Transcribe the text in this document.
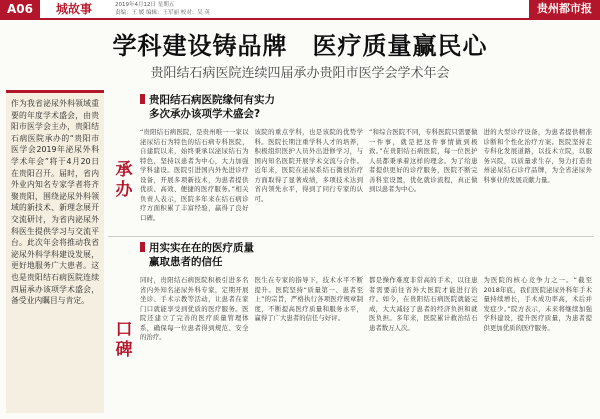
A06	城故事	2019年4月12日 星期五
责编：王 媛 编辑：王军丽 校对：吴 英	贵州都市报
学科建设铸品牌　医疗质量赢民心
贵阳结石病医院连续四届承办贵阳市医学会学术年会
作为我省泌尿外科领域重要的年度学术盛会，由贵阳市医学会主办，贵阳结石病医院承办的“贵阳市医学会2019年泌尿外科学术年会”将于4月20日在贵阳召开。届时，省内外业内知名专家学者将齐聚贵阳，围绕泌尿外科领域的新技术、新理念展开交流研讨，为省内泌尿外科医生提供学习与交流平台。此次年会将推动我省泌尿外科学科建设发展，更好地服务广大患者。这也是贵阳结石病医院连续四届承办该项学术盛会，备受业内瞩目与肯定。
贵阳结石病医院缘何有实力
多次承办该项学术盛会?
承办
“贵阳结石病医院，是贵州唯一一家以泌尿结石为特色的结石病专科医院，自建院以来，始终秉承以泌尿结石为特色，坚持以患者为中心，大力加强学科建设。医院引进国内外先进诊疗设备，开展多项新技术，为患者提供优质、高效、便捷的医疗服务。”相关负责人表示，医院多年来在结石病诊疗方面积累了丰富经验，赢得了良好口碑。
该院的重点学科，也是该院的优势学科。医院长期注重学科人才的培养，积极组织医护人员外出进修学习，与国内知名医院开展学术交流与合作。近年来，医院在泌尿系结石微创治疗方面取得了显著成绩，多项技术达到省内领先水平，得到了同行专家的认可。
“和综合医院不同，专科医院只需要做一件事，就是把这件事情做到极致。”在贵阳结石病医院，每一位医护人员都秉承着这样的理念。为了给患者提供更好的诊疗服务，医院不断完善科室设置，优化就诊流程，真正做到以患者为中心。
进的大型诊疗设备，为患者提供精准诊断和个性化治疗方案。医院坚持走专科化发展道路，以技术立院，以服务兴院，以质量求生存，努力打造贵州泌尿结石诊疗品牌，为全省泌尿外科事业的发展贡献力量。
用实实在在的医疗质量
赢取患者的信任
口碑
同时，贵阳结石病医院积极引进多名省内外知名泌尿外科专家，定期开展坐诊、手术示教等活动，让患者在家门口就能享受到优质的医疗服务。医院还建立了完善的医疗质量管理体系，确保每一位患者得到规范、安全的治疗。
医生在专家的指导下，技术水平不断提升。医院坚持“质量第一、患者至上”的宗旨，严格执行各项医疗规章制度，不断提高医疗质量和服务水平，赢得了广大患者的信任与好评。
都是操作难度非常高的手术，以往患者需要前往省外大医院才能进行治疗。如今，在贵阳结石病医院就能完成，大大减轻了患者的经济负担和就医负担。多年来，医院累计救治结石患者数万人次。
为医院的核心竞争力之一。“截至2018年底，我们医院泌尿外科年手术量持续增长，手术成功率高，术后并发症少。”院方表示，未来将继续加强学科建设，提升医疗质量，为患者提供更加优质的医疗服务。
